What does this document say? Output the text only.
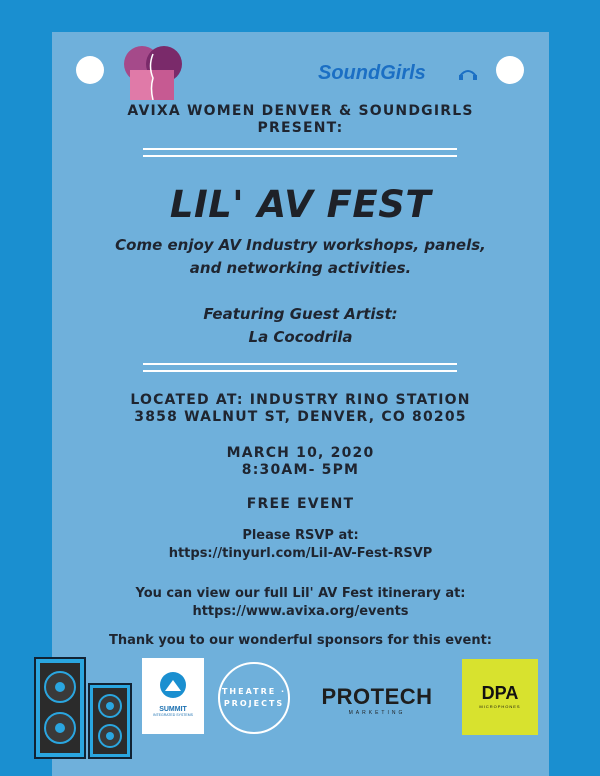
SoundGirls
AVIXA WOMEN DENVER & SOUNDGIRLS
PRESENT:
LIL' AV FEST
Come enjoy AV Industry workshops, panels,
and networking activities.
Featuring Guest Artist:
La Cocodrila
LOCATED AT: INDUSTRY RINO STATION
3858 WALNUT ST, DENVER, CO 80205
MARCH 10, 2020
8:30AM- 5PM
FREE EVENT
Please RSVP at:
https://tinyurl.com/Lil-AV-Fest-RSVP
You can view our full Lil' AV Fest itinerary at:
https://www.avixa.org/events
Thank you to our wonderful sponsors for this event:
SUMMIT
INTEGRATED SYSTEMS
THEATRE · PROJECTS	PROTECH
MARKETING
DPA
MICROPHONES
